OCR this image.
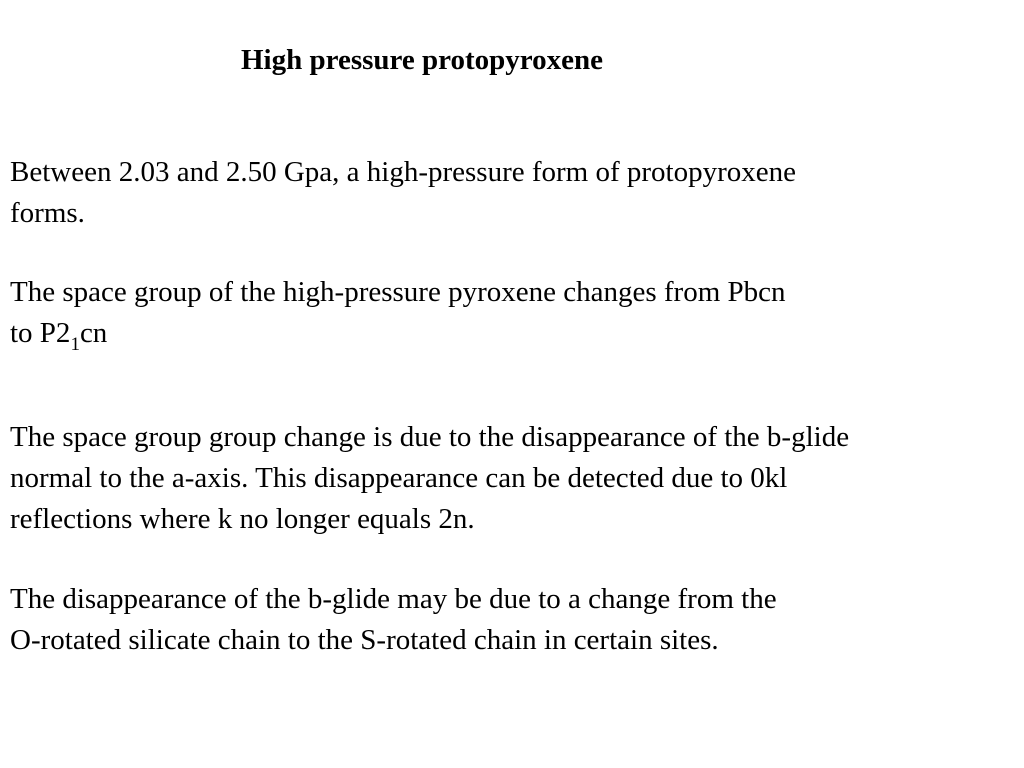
High pressure protopyroxene

Between 2.03 and 2.50 Gpa, a high-pressure form of protopyroxene
forms.

The space group of the high-pressure pyroxene changes from Pbcn
to $P2_1cn$

The space group group change is due to the disappearance of the b-glide
normal to the a-axis. This disappearance can be detected due to 0kl
reflections where k no longer equals 2n.

The disappearance of the b-glide may be due to a change from the
O-rotated silicate chain to the S-rotated chain in certain sites.
